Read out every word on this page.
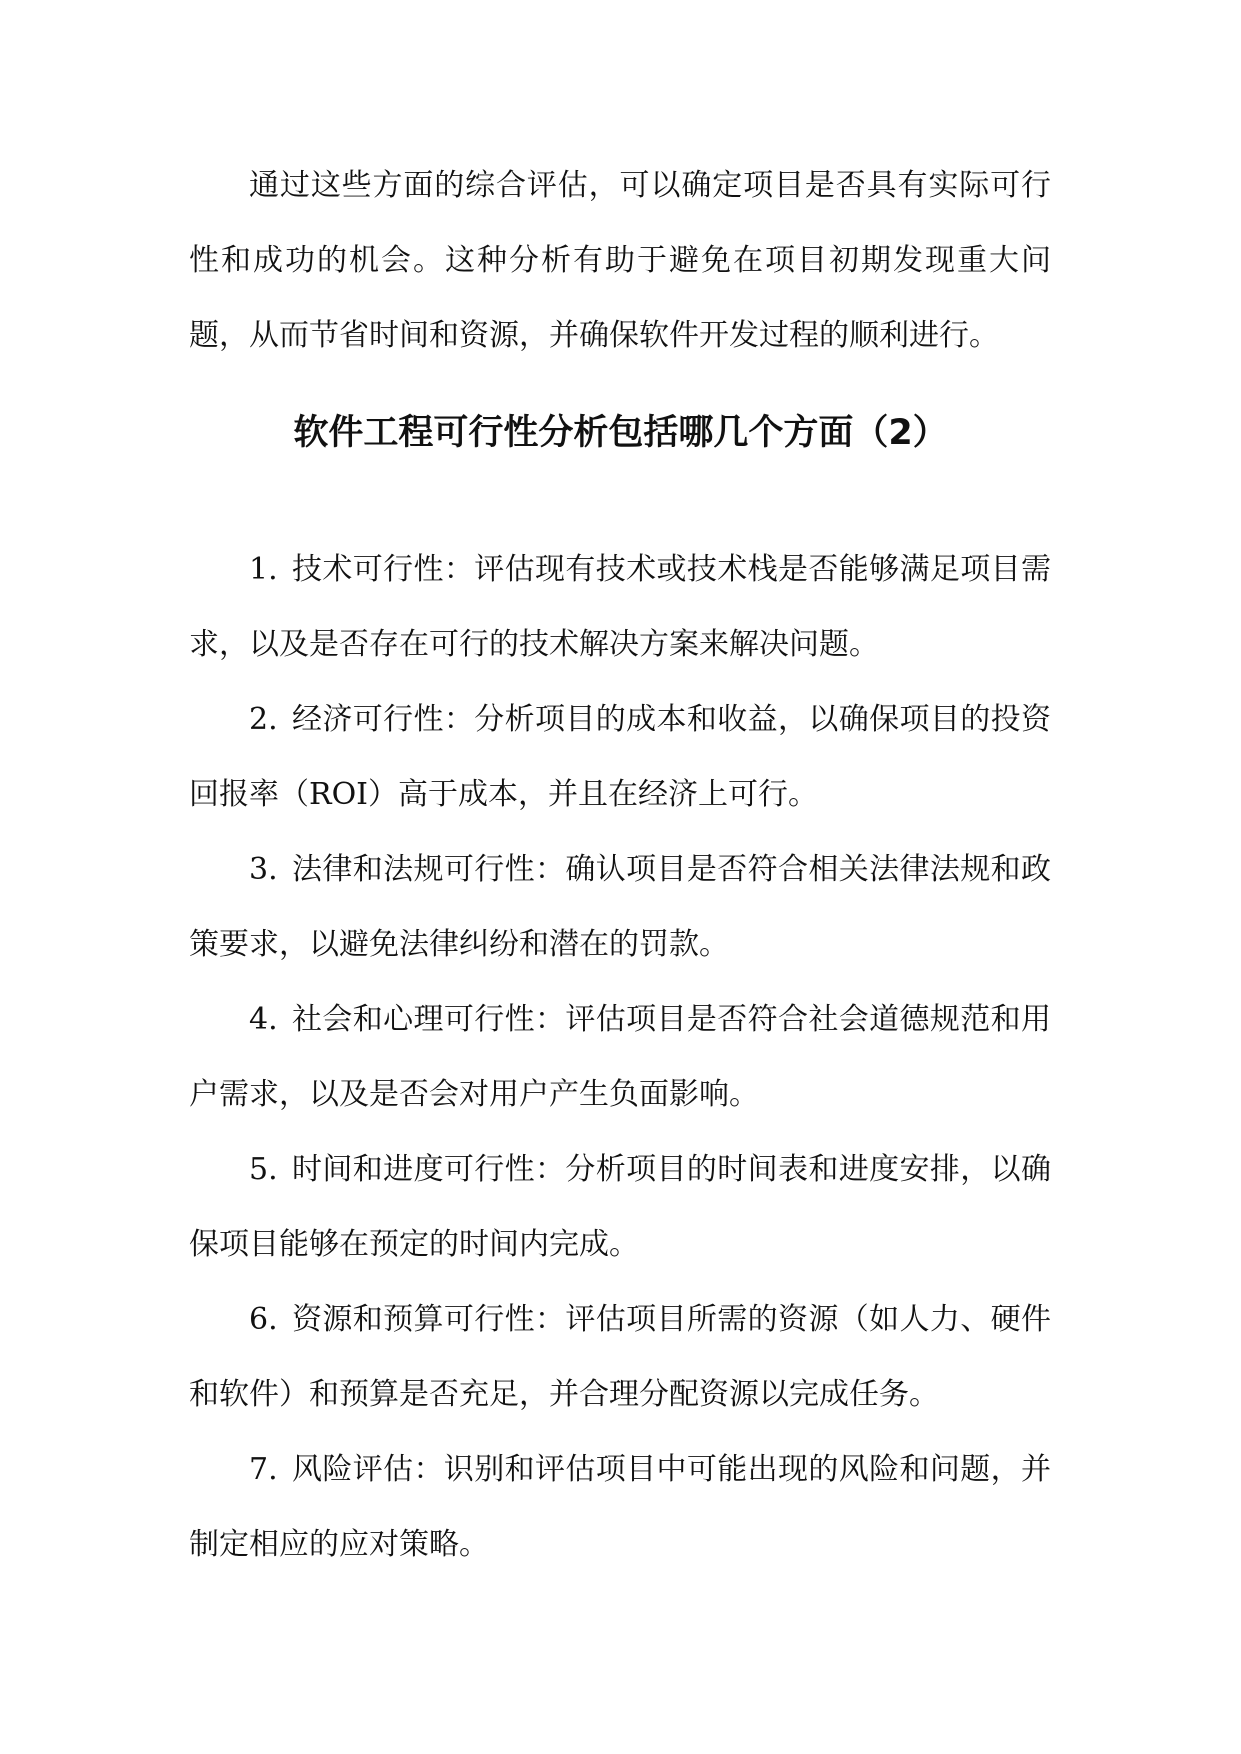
通过这些方面的综合评估，可以确定项目是否具有实际可行性和成功的机会。这种分析有助于避免在项目初期发现重大问题，从而节省时间和资源，并确保软件开发过程的顺利进行。

软件工程可行性分析包括哪几个方面（2）
1. 技术可行性：评估现有技术或技术栈是否能够满足项目需求，以及是否存在可行的技术解决方案来解决问题。
2. 经济可行性：分析项目的成本和收益，以确保项目的投资回报率（ROI）高于成本，并且在经济上可行。
3. 法律和法规可行性：确认项目是否符合相关法律法规和政策要求，以避免法律纠纷和潜在的罚款。
4. 社会和心理可行性：评估项目是否符合社会道德规范和用户需求，以及是否会对用户产生负面影响。
5. 时间和进度可行性：分析项目的时间表和进度安排，以确保项目能够在预定的时间内完成。
6. 资源和预算可行性：评估项目所需的资源（如人力、硬件和软件）和预算是否充足，并合理分配资源以完成任务。
7. 风险评估：识别和评估项目中可能出现的风险和问题，并制定相应的应对策略。
